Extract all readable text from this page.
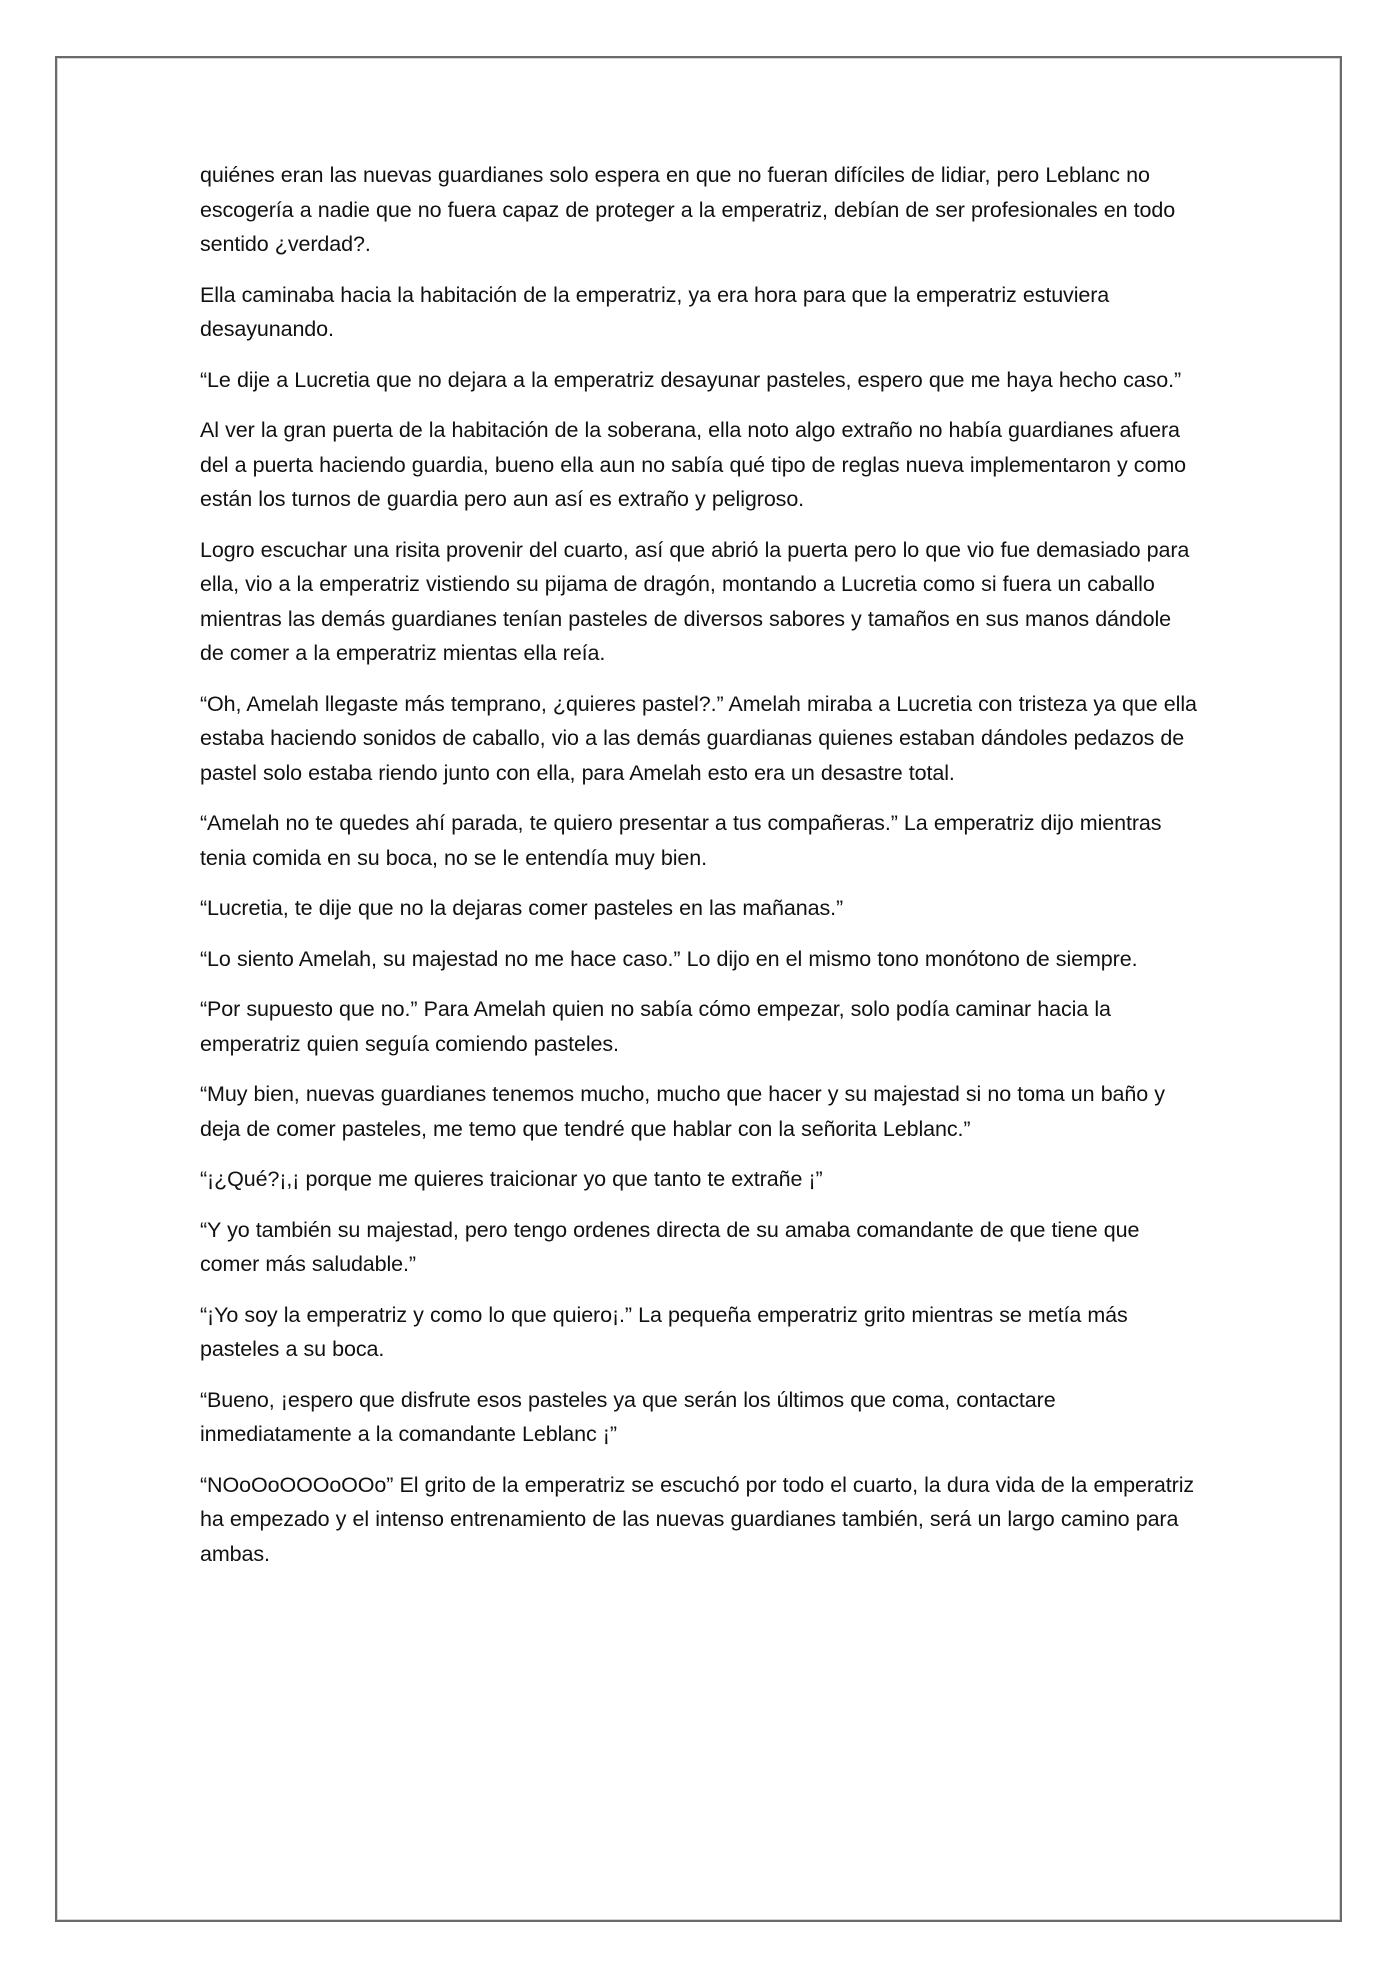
quiénes eran las nuevas guardianes solo espera en que no fueran difíciles de lidiar, pero Leblanc no escogería a nadie que no fuera capaz de proteger a la emperatriz, debían de ser profesionales en todo sentido ¿verdad?.

Ella caminaba hacia la habitación de la emperatriz, ya era hora para que la emperatriz estuviera desayunando.

“Le dije a Lucretia que no dejara a la emperatriz desayunar pasteles, espero que me haya hecho caso.”

Al ver la gran puerta de la habitación de la soberana, ella noto algo extraño no había guardianes afuera del a puerta haciendo guardia, bueno ella aun no sabía qué tipo de reglas nueva implementaron y como están los turnos de guardia pero aun así es extraño y peligroso.

Logro escuchar una risita provenir del cuarto, así que abrió la puerta pero lo que vio fue demasiado para ella, vio a la emperatriz vistiendo su pijama de dragón, montando a Lucretia como si fuera un caballo mientras las demás guardianes tenían pasteles de diversos sabores y tamaños en sus manos dándole de comer a la emperatriz mientas ella reía.

“Oh, Amelah llegaste más temprano, ¿quieres pastel?.” Amelah miraba a Lucretia con tristeza ya que ella estaba haciendo sonidos de caballo, vio a las demás guardianas quienes estaban dándoles pedazos de pastel solo estaba riendo junto con ella, para Amelah esto era un desastre total.

“Amelah no te quedes ahí parada, te quiero presentar a tus compañeras.” La emperatriz dijo mientras tenia comida en su boca, no se le entendía muy bien.

“Lucretia, te dije que no la dejaras comer pasteles en las mañanas.”

“Lo siento Amelah, su majestad no me hace caso.” Lo dijo en el mismo tono monótono de siempre.

“Por supuesto que no.” Para Amelah quien no sabía cómo empezar, solo podía caminar hacia la emperatriz quien seguía comiendo pasteles.

“Muy bien, nuevas guardianes tenemos mucho, mucho que hacer y su majestad si no toma un baño y deja de comer pasteles, me temo que tendré que hablar con la señorita Leblanc.”

“¡¿Qué?¡,¡ porque me quieres traicionar yo que tanto te extrañe ¡”

“Y yo también su majestad, pero tengo ordenes directa de su amaba comandante de que tiene que comer más saludable.”

“¡Yo soy la emperatriz y como lo que quiero¡.” La pequeña emperatriz grito mientras se metía más pasteles a su boca.

“Bueno, ¡espero que disfrute esos pasteles ya que serán los últimos que coma, contactare inmediatamente a la comandante Leblanc ¡”

“NOoOoOOOoOOo” El grito de la emperatriz se escuchó por todo el cuarto, la dura vida de la emperatriz ha empezado y el intenso entrenamiento de las nuevas guardianes también, será un largo camino para ambas.
